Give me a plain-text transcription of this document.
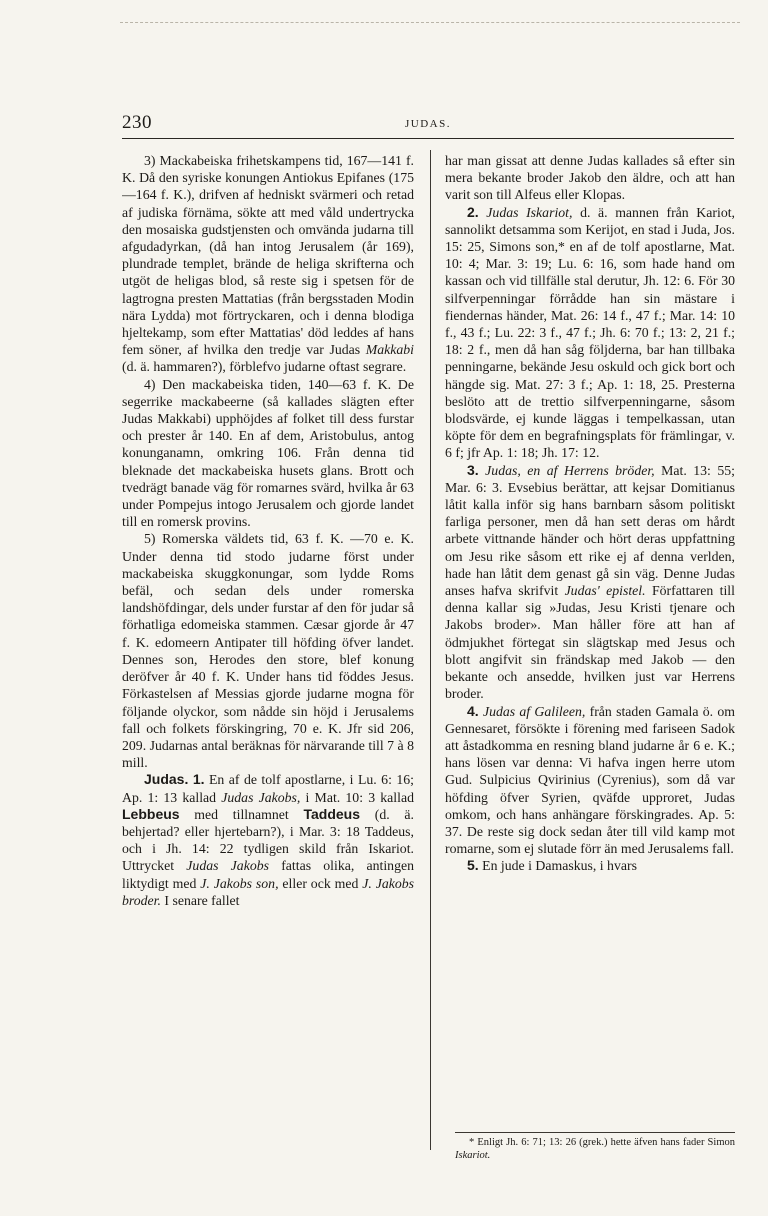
230	JUDAS.

3) Mackabeiska frihetskampens tid, 167—141 f. K. Då den syriske konungen Antiokus Epifanes (175—164 f. K.), drifven af hedniskt svärmeri och retad af judiska förnäma, sökte att med våld undertrycka den mosaiska gudstjensten och omvända judarna till afgudadyrkan, (då han intog Jerusalem (år 169), plundrade templet, brände de heliga skrifterna och utgöt de heligas blod, så reste sig i spetsen för de lagtrogna presten Mattatias (från bergsstaden Modin nära Lydda) mot förtryckaren, och i denna blodiga hjeltekamp, som efter Mattatias' död leddes af hans fem söner, af hvilka den tredje var Judas Makkabi (d. ä. hammaren?), förblefvo judarne oftast segrare.

4) Den mackabeiska tiden, 140—63 f. K. De segerrike mackabeerne (så kallades slägten efter Judas Makkabi) upphöjdes af folket till dess furstar och prester år 140. En af dem, Aristobulus, antog konunganamn, omkring 106. Från denna tid bleknade det mackabeiska husets glans. Brott och tvedrägt banade väg för romarnes svärd, hvilka år 63 under Pompejus intogo Jerusalem och gjorde landet till en romersk provins.

5) Romerska väldets tid, 63 f. K. —70 e. K. Under denna tid stodo judarne först under mackabeiska skuggkonungar, som lydde Roms befäl, och sedan dels under romerska landshöfdingar, dels under furstar af den för judar så förhatliga edomeiska stammen. Cæsar gjorde år 47 f. K. edomeern Antipater till höfding öfver landet. Dennes son, Herodes den store, blef konung deröfver år 40 f. K. Under hans tid föddes Jesus. Förkastelsen af Messias gjorde judarne mogna för följande olyckor, som nådde sin höjd i Jerusalems fall och folkets förskingring, 70 e. K. Jfr sid 206, 209. Judarnas antal beräknas för närvarande till 7 à 8 mill.

Judas. 1. En af de tolf apostlarne, i Lu. 6: 16; Ap. 1: 13 kallad Judas Jakobs, i Mat. 10: 3 kallad Lebbeus med tillnamnet Taddeus (d. ä. behjertad? eller hjertebarn?), i Mar. 3: 18 Taddeus, och i Jh. 14: 22 tydligen skild från Iskariot. Uttrycket Judas Jakobs fattas olika, antingen liktydigt med J. Jakobs son, eller ock med J. Jakobs broder. I senare fallet

har man gissat att denne Judas kallades så efter sin mera bekante broder Jakob den äldre, och att han varit son till Alfeus eller Klopas.

2. Judas Iskariot, d. ä. mannen från Kariot, sannolikt detsamma som Kerijot, en stad i Juda, Jos. 15: 25, Simons son,* en af de tolf apostlarne, Mat. 10: 4; Mar. 3: 19; Lu. 6: 16, som hade hand om kassan och vid tillfälle stal derutur, Jh. 12: 6. För 30 silfverpenningar förrådde han sin mästare i fiendernas händer, Mat. 26: 14 f., 47 f.; Mar. 14: 10 f., 43 f.; Lu. 22: 3 f., 47 f.; Jh. 6: 70 f.; 13: 2, 21 f.; 18: 2 f., men då han såg följderna, bar han tillbaka penningarne, bekände Jesu oskuld och gick bort och hängde sig. Mat. 27: 3 f.; Ap. 1: 18, 25. Presterna beslöto att de trettio silfverpenningarne, såsom blodsvärde, ej kunde läggas i tempelkassan, utan köpte för dem en begrafningsplats för främlingar, v. 6 f; jfr Ap. 1: 18; Jh. 17: 12.

3. Judas, en af Herrens bröder, Mat. 13: 55; Mar. 6: 3. Evsebius berättar, att kejsar Domitianus låtit kalla inför sig hans barnbarn såsom politiskt farliga personer, men då han sett deras om hårdt arbete vittnande händer och hört deras uppfattning om Jesu rike såsom ett rike ej af denna verlden, hade han låtit dem genast gå sin väg. Denne Judas anses hafva skrifvit Judas' epistel. Författaren till denna kallar sig »Judas, Jesu Kristi tjenare och Jakobs broder». Man håller före att han af ödmjukhet förtegat sin slägtskap med Jesus och blott angifvit sin frändskap med Jakob — den bekante och ansedde, hvilken just var Herrens broder.

4. Judas af Galileen, från staden Gamala ö. om Gennesaret, försökte i förening med fariseen Sadok att åstadkomma en resning bland judarne år 6 e. K.; hans lösen var denna: Vi hafva ingen herre utom Gud. Sulpicius Qvirinius (Cyrenius), som då var höfding öfver Syrien, qväfde upproret, Judas omkom, och hans anhängare förskingrades. Ap. 5: 37. De reste sig dock sedan åter till vild kamp mot romarne, som ej slutade förr än med Jerusalems fall.

5. En jude i Damaskus, i hvars

* Enligt Jh. 6: 71; 13: 26 (grek.) hette äfven hans fader Simon Iskariot.
